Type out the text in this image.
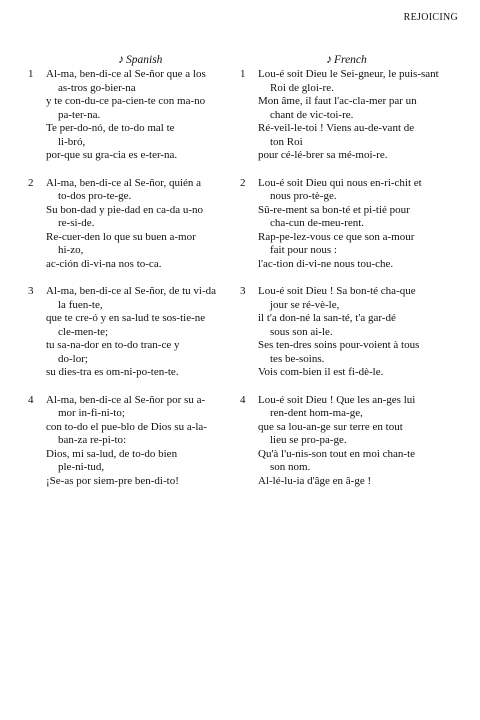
REJOICING
♪ Spanish	♪ French
1 Al-ma, ben-di-ce al Se-ñor que a los
as-tros go-bier-na
y te con-du-ce pa-cien-te con ma-no
pa-ter-na.
Te per-do-nó, de to-do mal te
li-bró,
por-que su gra-cia es e-ter-na.
2 Al-ma, ben-di-ce al Se-ñor, quién a
to-dos pro-te-ge.
Su bon-dad y pie-dad en ca-da u-no
re-si-de.
Re-cuer-den lo que su buen a-mor
hi-zo,
ac-ción di-vi-na nos to-ca.
3 Al-ma, ben-di-ce al Se-ñor, de tu vi-da
la fuen-te,
que te cre-ó y en sa-lud te sos-tie-ne
cle-men-te;
tu sa-na-dor en to-do tran-ce y
do-lor;
su dies-tra es om-ni-po-ten-te.
4 Al-ma, ben-di-ce al Se-ñor por su a-
mor in-fi-ni-to;
con to-do el pue-blo de Dios su a-la-
ban-za re-pi-to:
Dios, mi sa-lud, de to-do bien
ple-ni-tud,
¡Se-as por siem-pre ben-di-to!
1 Lou-é soit Dieu le Sei-gneur, le puis-sant
Roi de gloi-re.
Mon âme, il faut l'ac-cla-mer par un
chant de vic-toi-re.
Ré-veil-le-toi ! Viens au-de-vant de
ton Roi
pour cé-lé-brer sa mé-moi-re.
2 Lou-é soit Dieu qui nous en-ri-chit et
nous pro-tè-ge.
Sû-re-ment sa bon-té et pi-tié pour
cha-cun de-meu-rent.
Rap-pe-lez-vous ce que son a-mour
fait pour nous :
l'ac-tion di-vi-ne nous tou-che.
3 Lou-é soit Dieu ! Sa bon-té cha-que
jour se ré-vè-le,
il t'a don-né la san-té, t'a gar-dé
sous son ai-le.
Ses ten-dres soins pour-voient à tous
tes be-soins.
Vois com-bien il est fi-dè-le.
4 Lou-é soit Dieu ! Que les an-ges lui
ren-dent hom-ma-ge,
que sa lou-an-ge sur terre en tout
lieu se pro-pa-ge.
Qu'à l'u-nis-son tout en moi chan-te
son nom.
Al-lé-lu-ia d'âge en â-ge !
